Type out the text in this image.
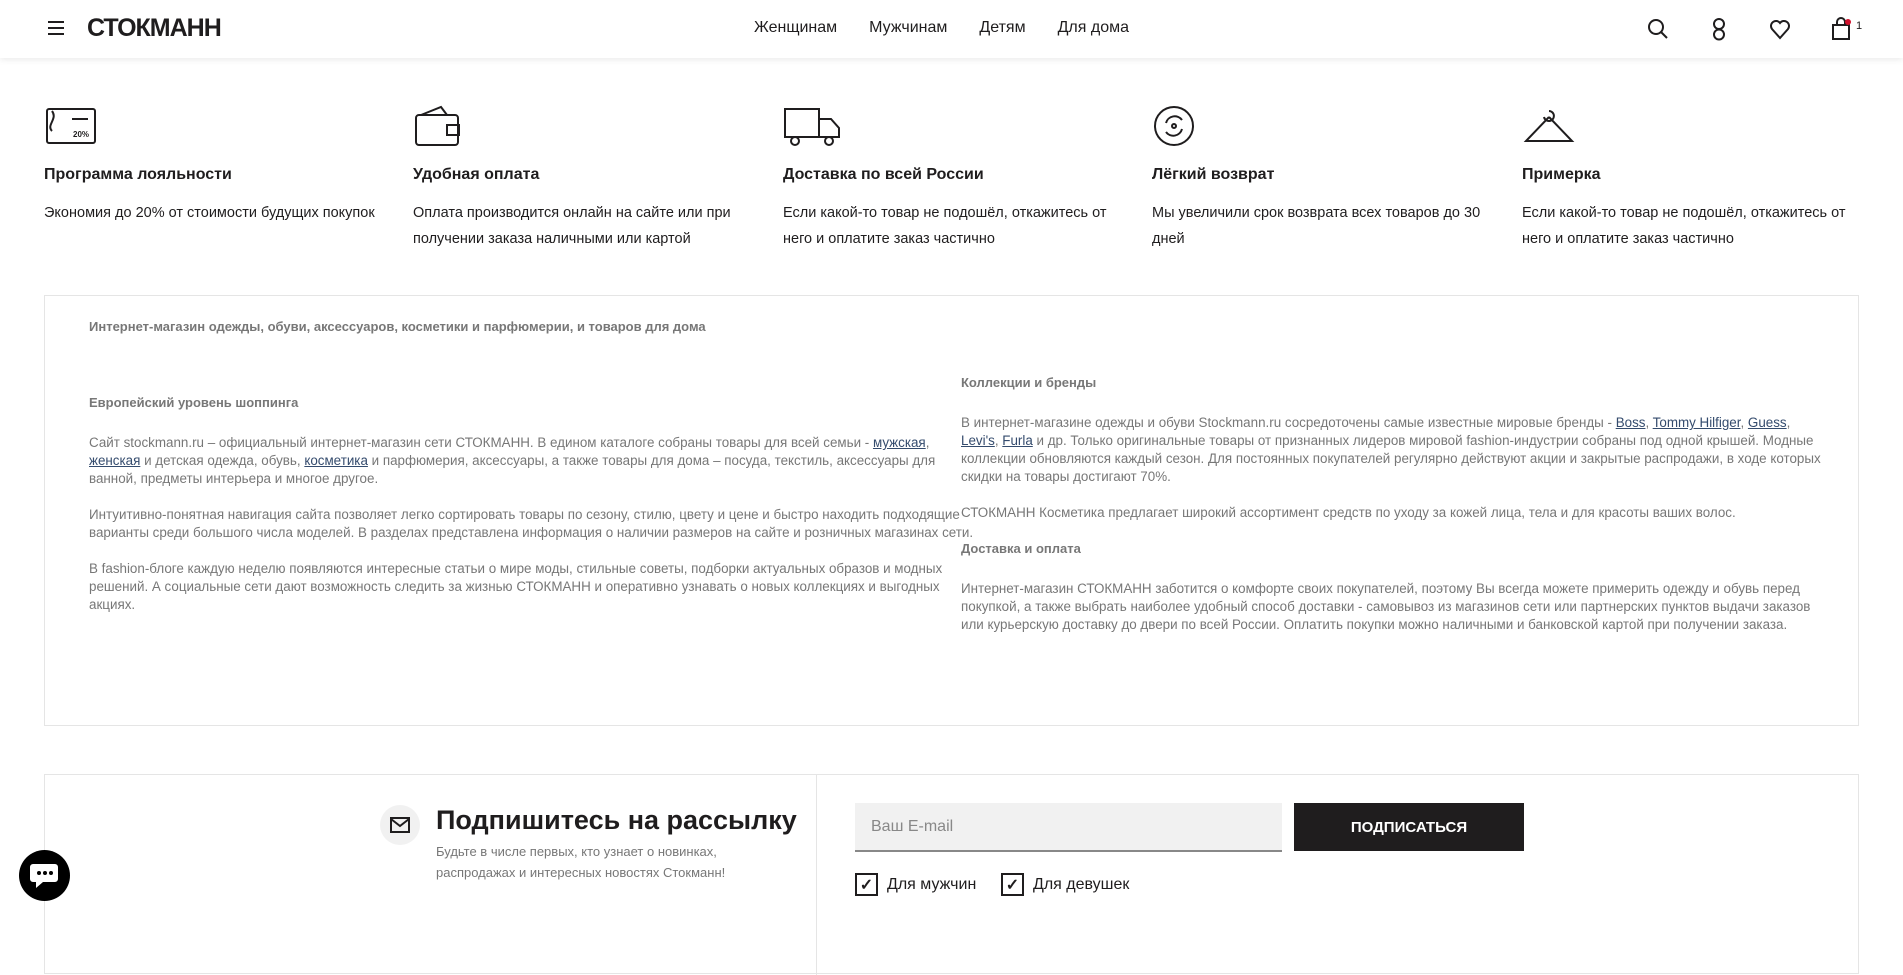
СТОКМАНН	Женщинам Мужчинам Детям Для дома	1
20%
Программа лояльности

Экономия до 20% от стоимости будущих покупок

Удобная оплата

Оплата производится онлайн на сайте или при получении заказа наличными или картой

Доставка по всей России

Если какой-то товар не подошёл, откажитесь от него и оплатите заказ частично

Лёгкий возврат

Мы увеличили срок возврата всех товаров до 30 дней

Примерка

Если какой-то товар не подошёл, откажитесь от него и оплатите заказ частично

Интернет-магазин одежды, обуви, аксессуаров, косметики и парфюмерии, и товаров для дома
Европейский уровень шоппинга

Сайт stockmann.ru – официальный интернет-магазин сети СТОКМАНН. В едином каталоге собраны товары для всей семьи - мужская, женская и детская одежда, обувь, косметика и парфюмерия, аксессуары, а также товары для дома – посуда, текстиль, аксессуары для ванной, предметы интерьера и многое другое.

Интуитивно-понятная навигация сайта позволяет легко сортировать товары по сезону, стилю, цвету и цене и быстро находить подходящие варианты среди большого числа моделей. В разделах представлена информация о наличии размеров на сайте и розничных магазинах сети.

В fashion-блоге каждую неделю появляются интересные статьи о мире моды, стильные советы, подборки актуальных образов и модных решений. А социальные сети дают возможность следить за жизнью СТОКМАНН и оперативно узнавать о новых коллекциях и выгодных акциях.

Коллекции и бренды

В интернет-магазине одежды и обуви Stockmann.ru сосредоточены самые известные мировые бренды - Boss, Tommy Hilfiger, Guess, Levi's, Furla и др. Только оригинальные товары от признанных лидеров мировой fashion-индустрии собраны под одной крышей. Модные коллекции обновляются каждый сезон. Для постоянных покупателей регулярно действуют акции и закрытые распродажи, в ходе которых скидки на товары достигают 70%.

СТОКМАНН Косметика предлагает широкий ассортимент средств по уходу за кожей лица, тела и для красоты ваших волос.

Доставка и оплата

Интернет-магазин СТОКМАНН заботится о комфорте своих покупателей, поэтому Вы всегда можете примерить одежду и обувь перед покупкой, а также выбрать наиболее удобный способ доставки - самовывоз из магазинов сети или партнерских пунктов выдачи заказов или курьерскую доставку до двери по всей России. Оплатить покупки можно наличными и банковской картой при получении заказа.

Подпишитесь на рассылку
Будьте в числе первых, кто узнает о новинках, распродажах и интересных новостях Стокманн!
Ваш E-mail
ПОДПИСАТЬСЯ
✓ Для мужчин ✓ Для девушек
